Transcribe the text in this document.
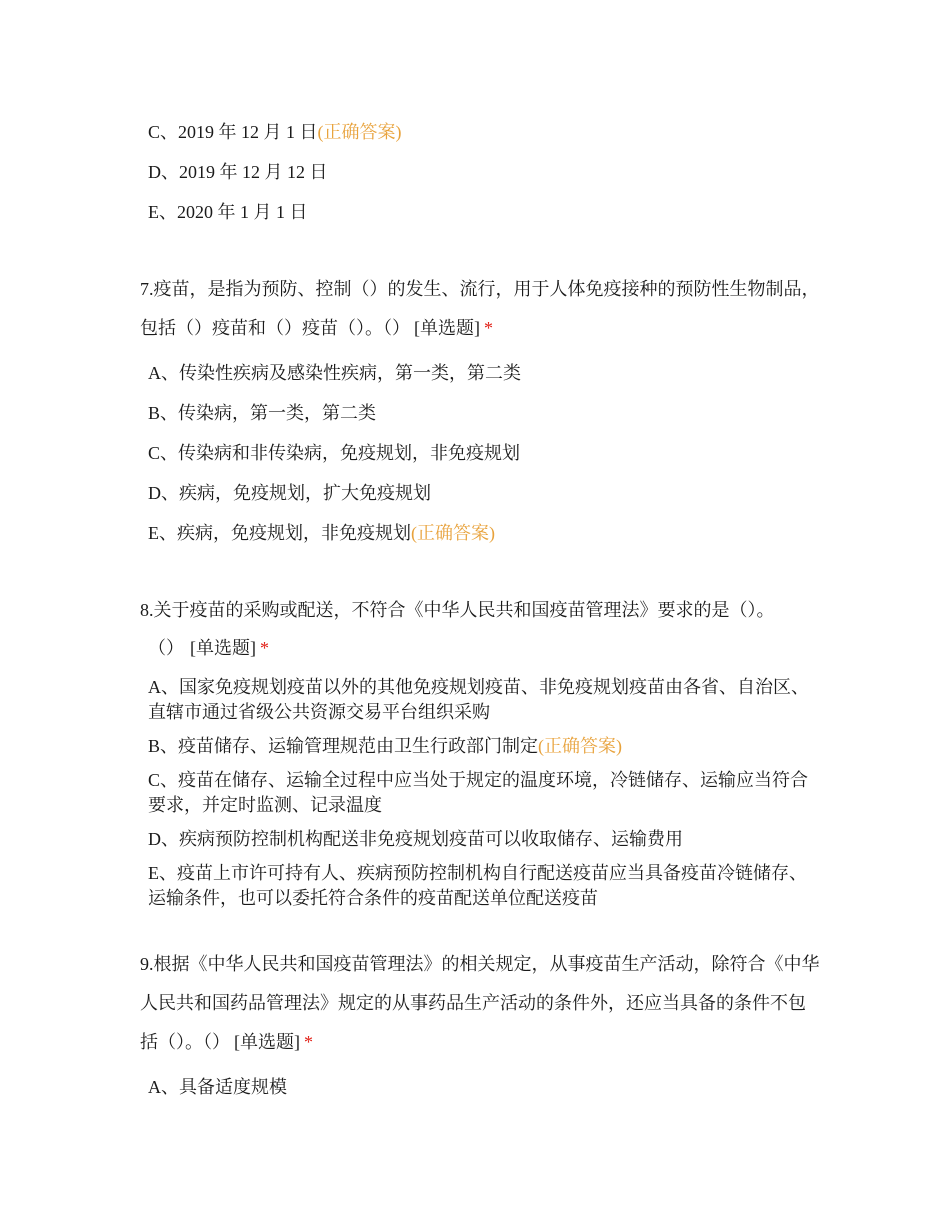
C、2019 年 12 月 1 日(正确答案)

D、2019 年 12 月 12 日

E、2020 年 1 月 1 日

7.疫苗，是指为预防、控制（）的发生、流行，用于人体免疫接种的预防性生物制品，包括（）疫苗和（）疫苗（）。（） [单选题] *

A、传染性疾病及感染性疾病，第一类，第二类

B、传染病，第一类，第二类

C、传染病和非传染病，免疫规划，非免疫规划

D、疾病，免疫规划，扩大免疫规划

E、疾病，免疫规划，非免疫规划(正确答案)

8.关于疫苗的采购或配送，不符合《中华人民共和国疫苗管理法》要求的是（）。

（） [单选题] *

A、国家免疫规划疫苗以外的其他免疫规划疫苗、非免疫规划疫苗由各省、自治区、直辖市通过省级公共资源交易平台组织采购

B、疫苗储存、运输管理规范由卫生行政部门制定(正确答案)

C、疫苗在储存、运输全过程中应当处于规定的温度环境，冷链储存、运输应当符合要求，并定时监测、记录温度

D、疾病预防控制机构配送非免疫规划疫苗可以收取储存、运输费用

E、疫苗上市许可持有人、疾病预防控制机构自行配送疫苗应当具备疫苗冷链储存、运输条件，也可以委托符合条件的疫苗配送单位配送疫苗

9.根据《中华人民共和国疫苗管理法》的相关规定，从事疫苗生产活动，除符合《中华人民共和国药品管理法》规定的从事药品生产活动的条件外，还应当具备的条件不包括（）。（） [单选题] *

A、具备适度规模
